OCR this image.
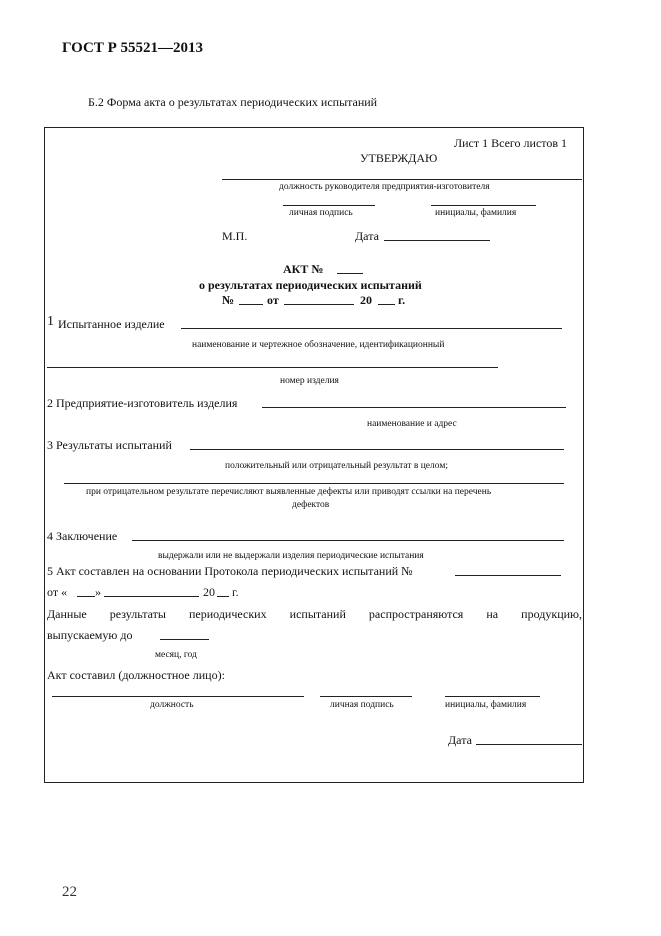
ГОСТ Р 55521—2013
Б.2 Форма акта о результатах периодических испытаний
Лист 1 Всего листов 1
УТВЕРЖДАЮ
должность руководителя предприятия-изготовителя
личная подпись	инициалы, фамилия
М.П.	Дата
АКТ №
о результатах периодических испытаний
№	от	20 г.
1 Испытанное изделие
наименование и чертежное обозначение, идентификационный
номер изделия
2 Предприятие-изготовитель изделия
наименование и адрес
3 Результаты испытаний
положительный или отрицательный результат в целом;
при отрицательном результате перечисляют выявленные дефекты или приводят ссылки на перечень
дефектов
4 Заключение
выдержали или не выдержали изделия периодические испытания
5 Акт составлен на основании Протокола периодических испытаний №
от « »	20 г.
Данные результаты периодических испытаний распространяются на продукцию,
выпускаемую до
месяц, год
Акт составил (должностное лицо):
должность	личная подпись	инициалы, фамилия
Дата
22
